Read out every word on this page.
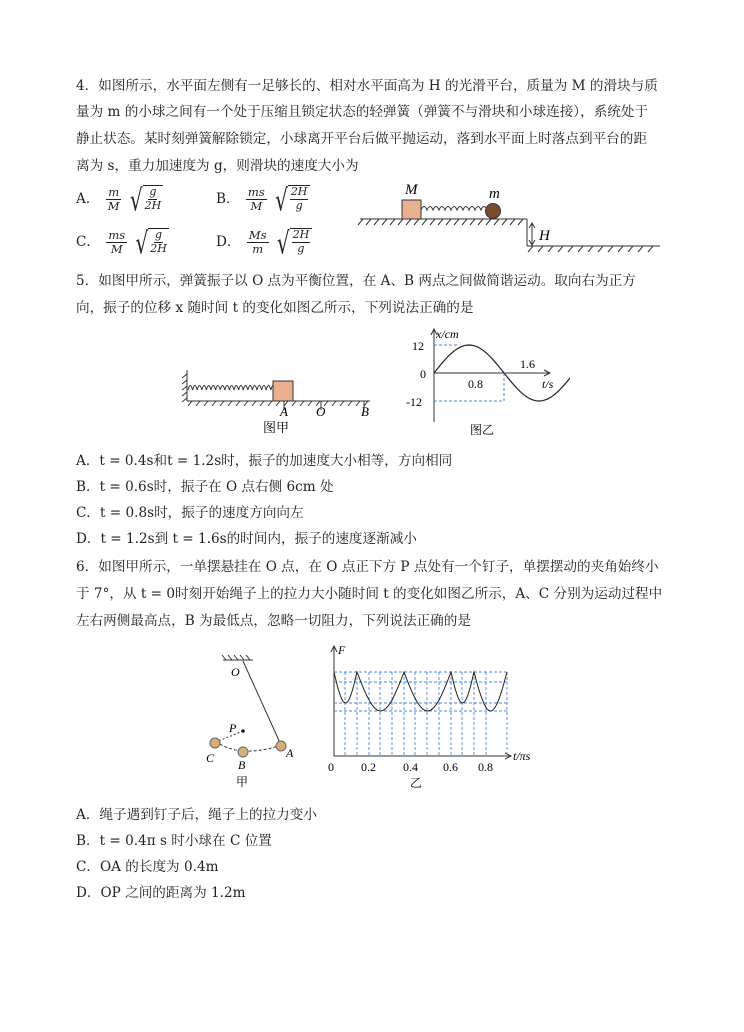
4．如图所示，水平面左侧有一足够长的、相对水平面高为 H 的光滑平台，质量为 M 的滑块与质
量为 m 的小球之间有一个处于压缩且锁定状态的轻弹簧（弹簧不与滑块和小球连接），系统处于
静止状态。某时刻弹簧解除锁定，小球离开平台后做平抛运动，落到水平面上时落点到平台的距
离为 s，重力加速度为 g，则滑块的速度大小为
A． $\frac{m}{M}$
√ g
2H	B． $\frac{ms}{M}$
√ 2H
g
C． $\frac{ms}{M}$
√ g
2H	D． $\frac{Ms}{m}$
√ 2H
g
M	m
H
5．如图甲所示，弹簧振子以 O 点为平衡位置，在 A、B 两点之间做简谐运动。取向右为正方
向，振子的位移 x 随时间 t 的变化如图乙所示，下列说法正确的是
A O	B
图甲
x/cm
t/s
12
-12
0
0.8
1.6
图乙
A．t = 0.4s和t = 1.2s时，振子的加速度大小相等，方向相同
B．t = 0.6s时，振子在 O 点右侧 6cm 处
C．t = 0.8s时，振子的速度方向向左
D．t = 1.2s到 t = 1.6s的时间内，振子的速度逐渐减小
6．如图甲所示，一单摆悬挂在 O 点，在 O 点正下方 P 点处有一个钉子，单摆摆动的夹角始终小
于 7°，从 t = 0时刻开始绳子上的拉力大小随时间 t 的变化如图乙所示，A、C 分别为运动过程中
左右两侧最高点，B 为最低点，忽略一切阻力，下列说法正确的是
O
P
A
B
C
甲
F
t/πs
0 0.2 0.4 0.6 0.8
乙
A．绳子遇到钉子后，绳子上的拉力变小
B．t = 0.4π s 时小球在 C 位置
C．OA 的长度为 0.4m
D．OP 之间的距离为 1.2m
